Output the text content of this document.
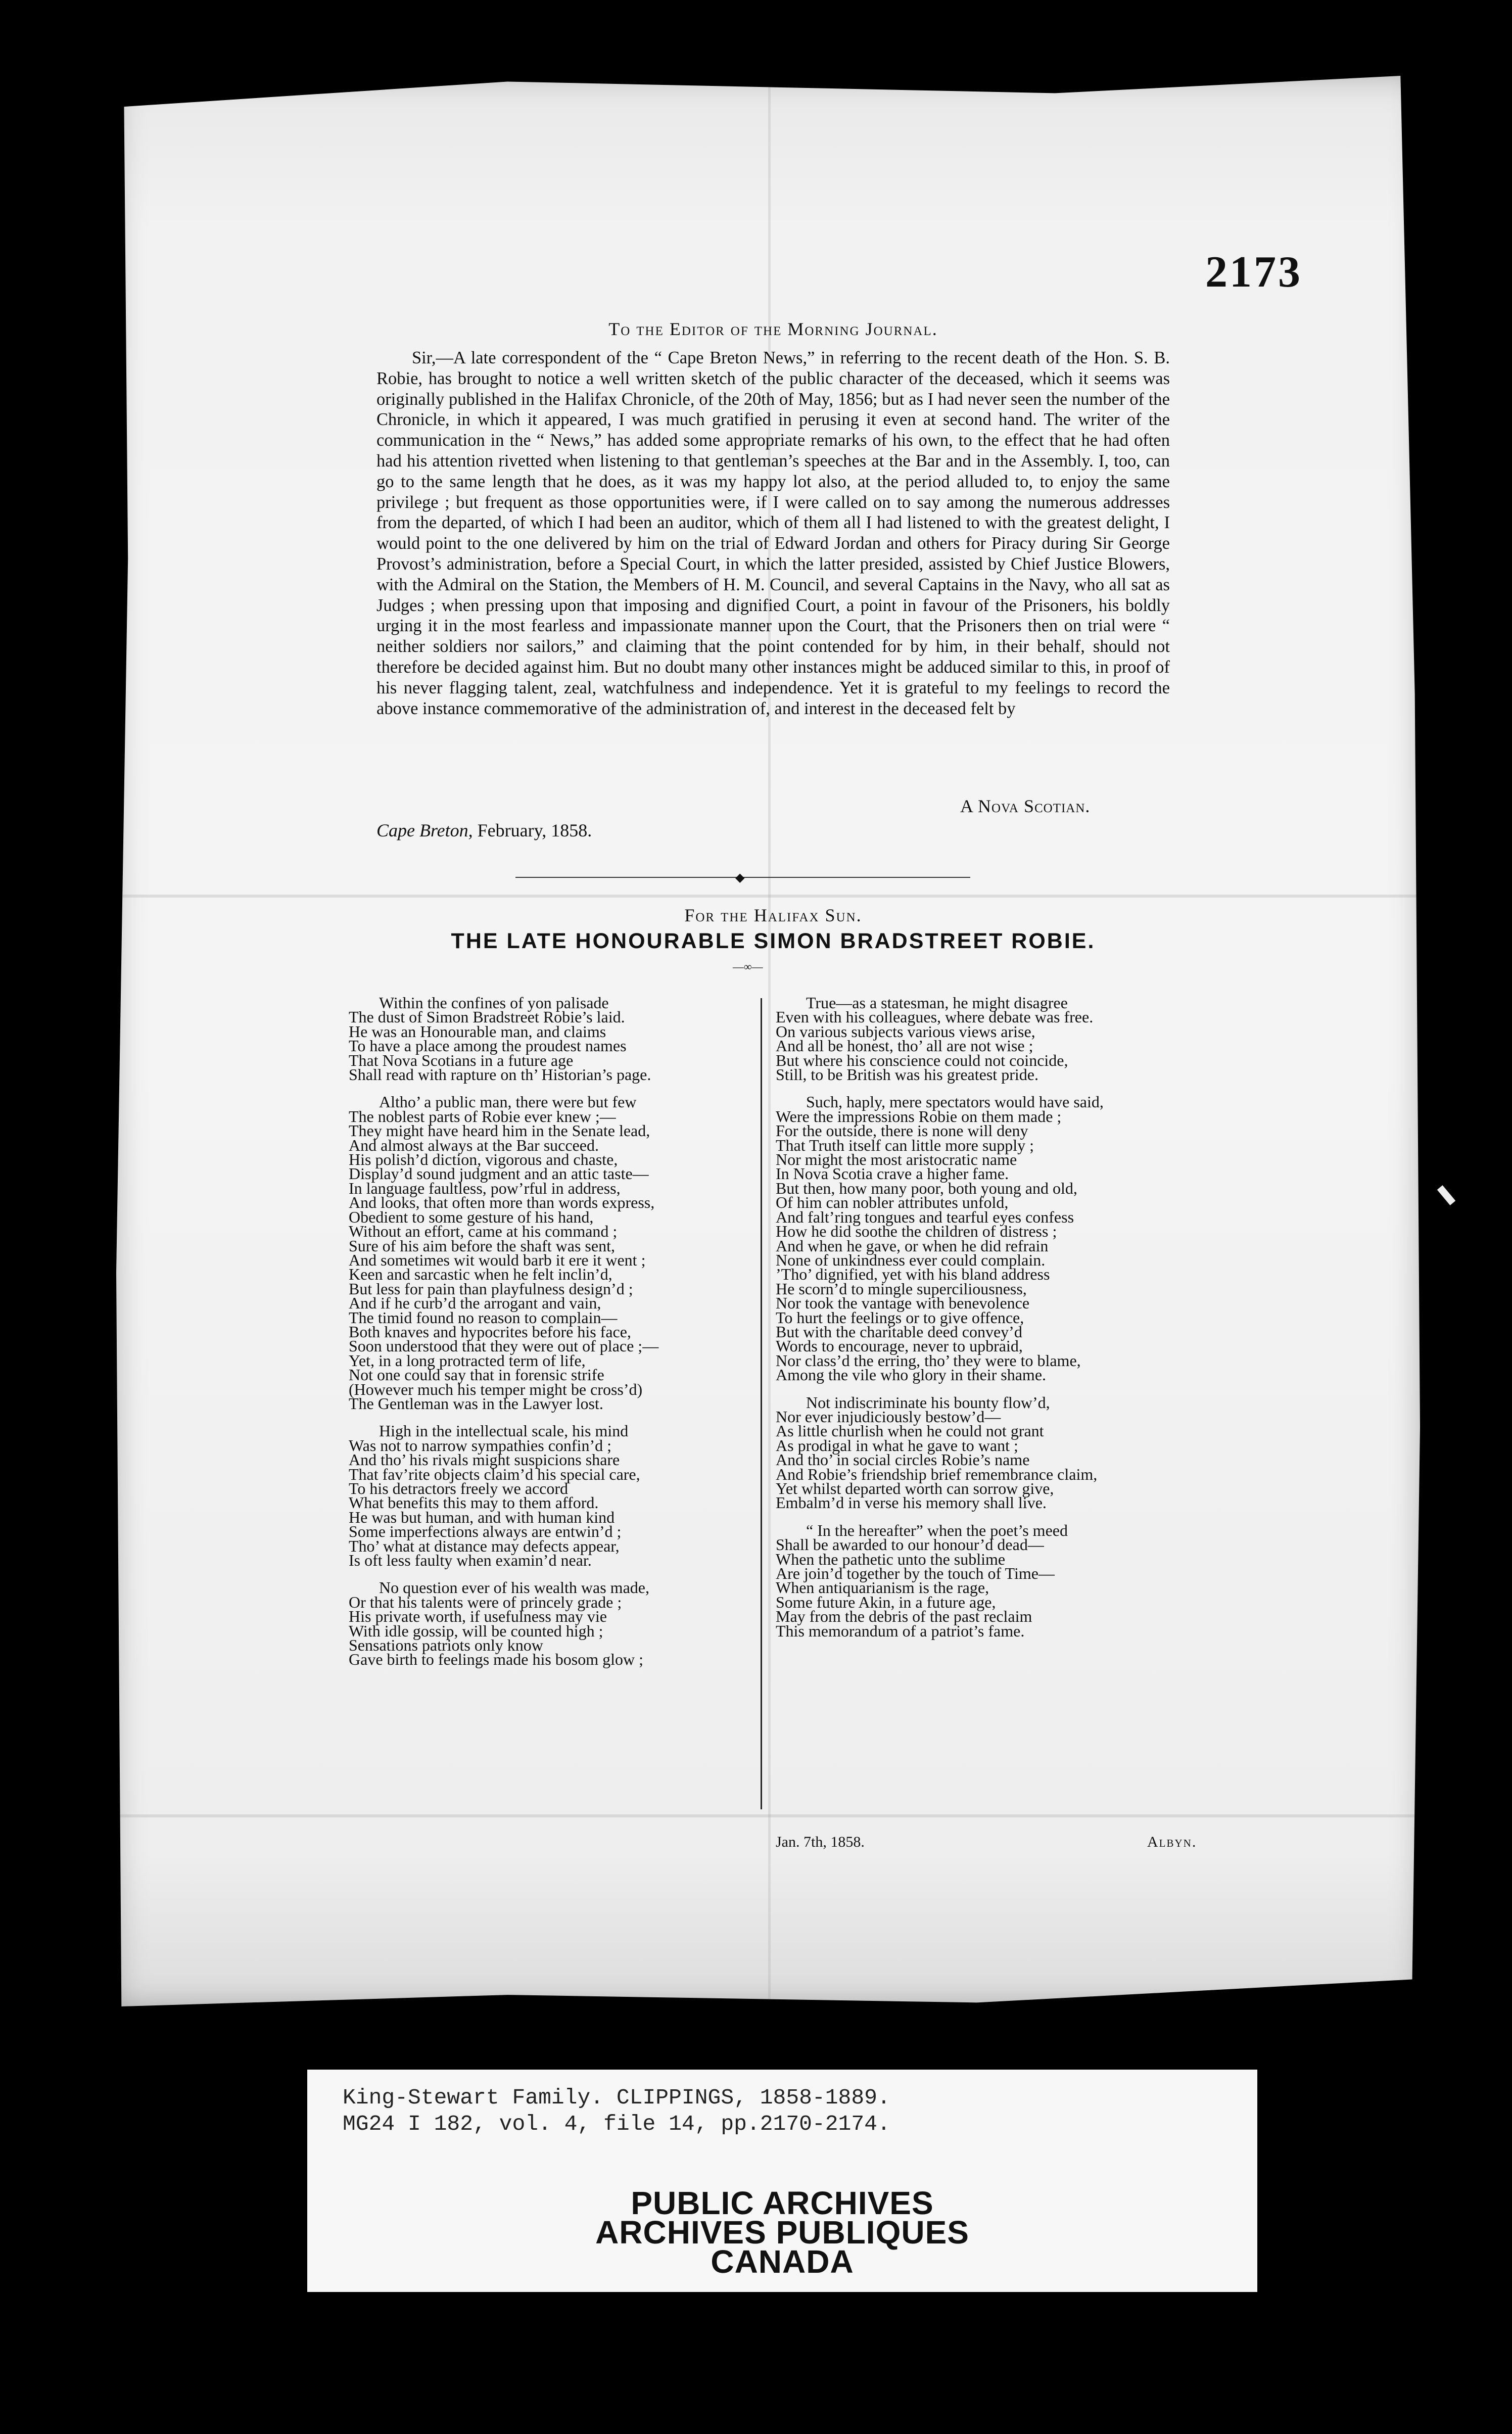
2173
To the Editor of the Morning Journal.

Sir,—A late correspondent of the “ Cape Breton News,” in referring to the recent death of the Hon. S. B. Robie, has brought to notice a well written sketch of the public character of the deceased, which it seems was originally published in the Halifax Chronicle, of the 20th of May, 1856; but as I had never seen the number of the Chronicle, in which it appeared, I was much gratified in perusing it even at second hand. The writer of the communication in the “ News,” has added some appropriate remarks of his own, to the effect that he had often had his attention rivetted when listening to that gentleman’s speeches at the Bar and in the Assembly. I, too, can go to the same length that he does, as it was my happy lot also, at the period alluded to, to enjoy the same privilege ; but frequent as those opportunities were, if I were called on to say among the numerous addresses from the departed, of which I had been an auditor, which of them all I had listened to with the greatest delight, I would point to the one delivered by him on the trial of Edward Jordan and others for Piracy during Sir George Provost’s administration, before a Special Court, in which the latter presided, assisted by Chief Justice Blowers, with the Admiral on the Station, the Members of H. M. Council, and several Captains in the Navy, who all sat as Judges ; when pressing upon that imposing and dignified Court, a point in favour of the Prisoners, his boldly urging it in the most fearless and impassionate manner upon the Court, that the Prisoners then on trial were “ neither soldiers nor sailors,” and claiming that the point contended for by him, in their behalf, should not therefore be decided against him. But no doubt many other instances might be adduced similar to this, in proof of his never flagging talent, zeal, watchfulness and independence. Yet it is grateful to my feelings to record the above instance commemorative of the administration of, and interest in the deceased felt by

A Nova Scotian.
Cape Breton, February, 1858.
◆
For the Halifax Sun.
THE LATE HONOURABLE SIMON BRADSTREET ROBIE.
—∞—
Within the confines of yon palisade
The dust of Simon Bradstreet Robie’s laid.
He was an Honourable man, and claims
To have a place among the proudest names
That Nova Scotians in a future age
Shall read with rapture on th’ Historian’s page.
Altho’ a public man, there were but few
The noblest parts of Robie ever knew ;—
They might have heard him in the Senate lead,
And almost always at the Bar succeed.
His polish’d diction, vigorous and chaste,
Display’d sound judgment and an attic taste—
In language faultless, pow’rful in address,
And looks, that often more than words express,
Obedient to some gesture of his hand,
Without an effort, came at his command ;
Sure of his aim before the shaft was sent,
And sometimes wit would barb it ere it went ;
Keen and sarcastic when he felt inclin’d,
But less for pain than playfulness design’d ;
And if he curb’d the arrogant and vain,
The timid found no reason to complain—
Both knaves and hypocrites before his face,
Soon understood that they were out of place ;—
Yet, in a long protracted term of life,
Not one could say that in forensic strife
(However much his temper might be cross’d)
The Gentleman was in the Lawyer lost.
High in the intellectual scale, his mind
Was not to narrow sympathies confin’d ;
And tho’ his rivals might suspicions share
That fav’rite objects claim’d his special care,
To his detractors freely we accord
What benefits this may to them afford.
He was but human, and with human kind
Some imperfections always are entwin’d ;
Tho’ what at distance may defects appear,
Is oft less faulty when examin’d near.
No question ever of his wealth was made,
Or that his talents were of princely grade ;
His private worth, if usefulness may vie
With idle gossip, will be counted high ;
Sensations patriots only know
Gave birth to feelings made his bosom glow ;
True—as a statesman, he might disagree
Even with his colleagues, where debate was free.
On various subjects various views arise,
And all be honest, tho’ all are not wise ;
But where his conscience could not coincide,
Still, to be British was his greatest pride.
Such, haply, mere spectators would have said,
Were the impressions Robie on them made ;
For the outside, there is none will deny
That Truth itself can little more supply ;
Nor might the most aristocratic name
In Nova Scotia crave a higher fame.
But then, how many poor, both young and old,
Of him can nobler attributes unfold,
And falt’ring tongues and tearful eyes confess
How he did soothe the children of distress ;
And when he gave, or when he did refrain
None of unkindness ever could complain.
’Tho’ dignified, yet with his bland address
He scorn’d to mingle superciliousness,
Nor took the vantage with benevolence
To hurt the feelings or to give offence,
But with the charitable deed convey’d
Words to encourage, never to upbraid,
Nor class’d the erring, tho’ they were to blame,
Among the vile who glory in their shame.
Not indiscriminate his bounty flow’d,
Nor ever injudiciously bestow’d—
As little churlish when he could not grant
As prodigal in what he gave to want ;
And tho’ in social circles Robie’s name
And Robie’s friendship brief remembrance claim,
Yet whilst departed worth can sorrow give,
Embalm’d in verse his memory shall live.
“ In the hereafter” when the poet’s meed
Shall be awarded to our honour’d dead—
When the pathetic unto the sublime
Are join’d together by the touch of Time—
When antiquarianism is the rage,
Some future Akin, in a future age,
May from the debris of the past reclaim
This memorandum of a patriot’s fame.
Jan. 7th, 1858.	Albyn.
King-Stewart Family. CLIPPINGS, 1858-1889.
MG24 I 182, vol. 4, file 14, pp.2170-2174.
PUBLIC ARCHIVES
ARCHIVES PUBLIQUES
CANADA
